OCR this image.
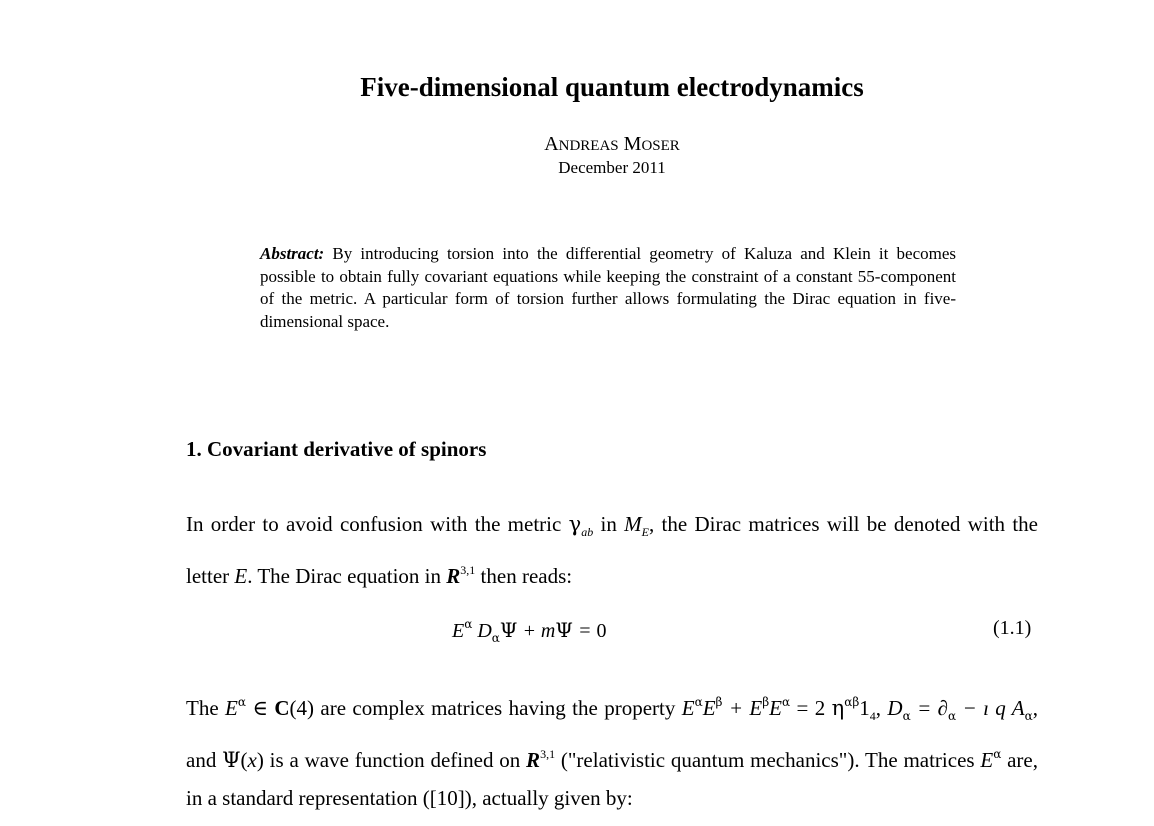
Five-dimensional quantum electrodynamics
ANDREAS MOSER
December 2011
Abstract: By introducing torsion into the differential geometry of Kaluza and Klein it becomes possible to obtain fully covariant equations while keeping the constraint of a constant 55-component of the metric. A particular form of torsion further allows formulating the Dirac equation in five-dimensional space.
1. Covariant derivative of spinors
In order to avoid confusion with the metric $\gamma_{ab}$ in $M_E$, the Dirac matrices will be denoted with the letter E. The Dirac equation in R$^{3,1}$ then reads:
$E^\alpha$ $D_\alpha\Psi + m\Psi = 0$	(1.1)
The $E^\alpha$ ∈ C(4) are complex matrices having the property $E^\alpha E^\beta + E^\beta E^\alpha = 2$ $\eta^{\alpha\beta}1_4$, $D_\alpha = \partial_\alpha$ − ı q $A_\alpha$, and Ψ(x) is a wave function defined on R$^{3,1}$ ("relativistic quantum mechanics"). The matrices $E^\alpha$ are, in a standard representation ([10]), actually given by:
